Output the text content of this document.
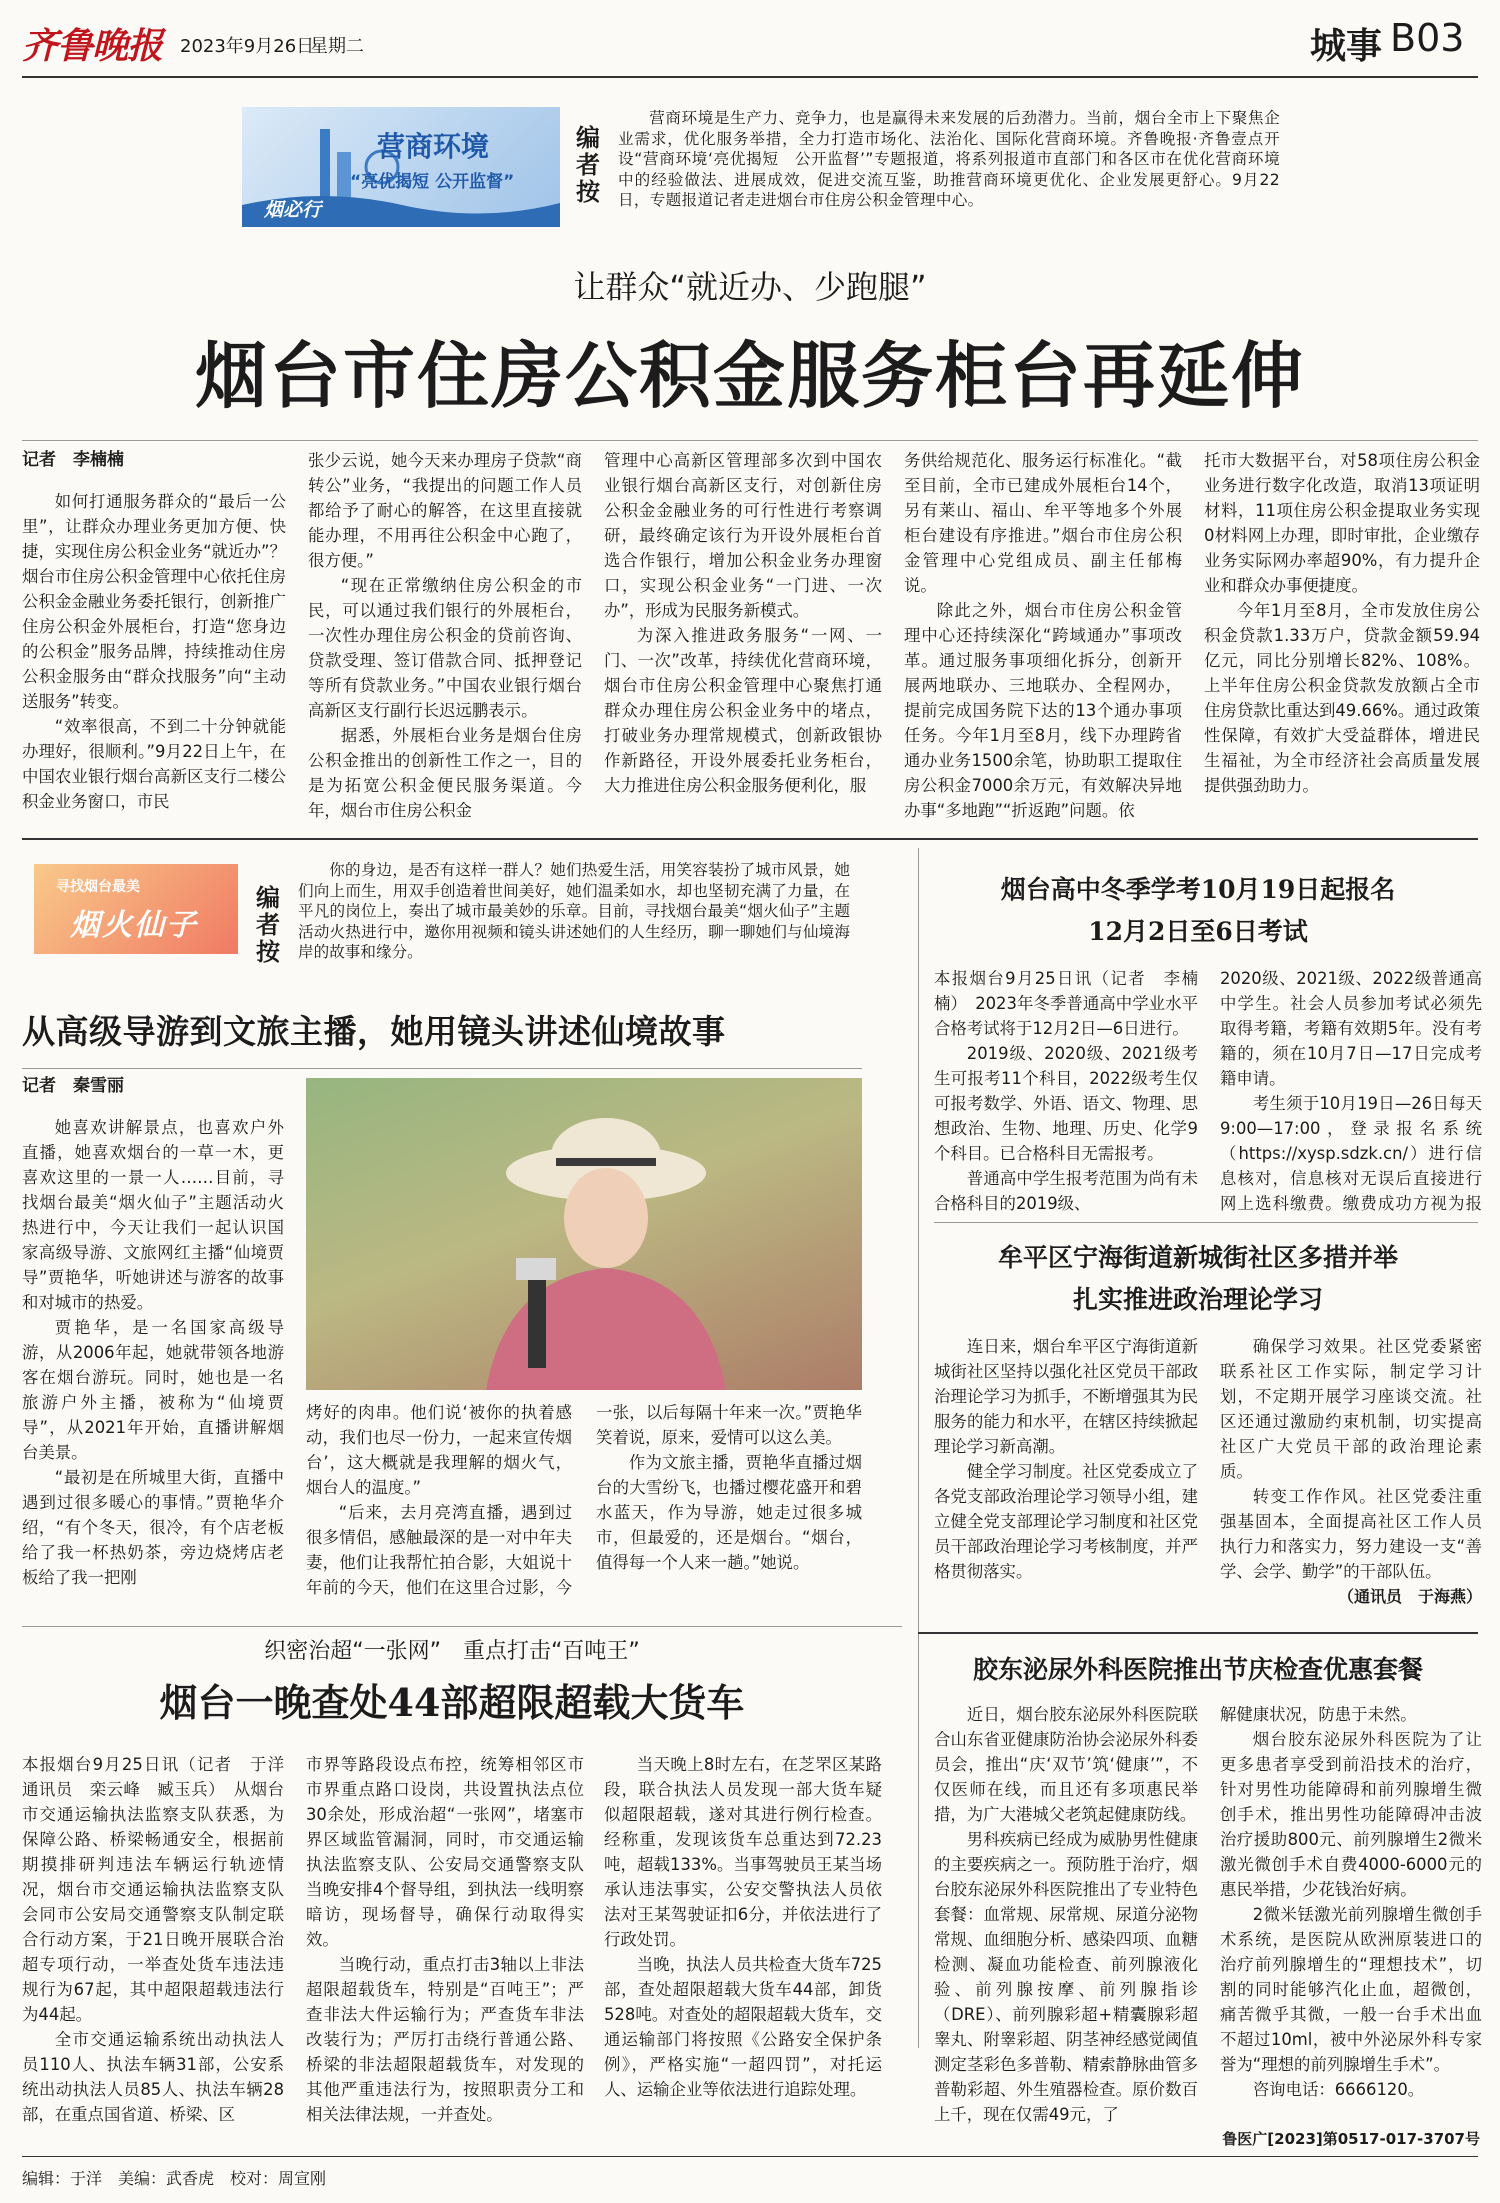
齐鲁晚报 2023年9月26日
星期二	城事 B03
营商环境
“亮优揭短 公开监督”
烟必行
编
者
按

营商环境是生产力、竞争力，也是赢得未来发展的后劲潜力。当前，烟台全市上下聚焦企业需求，优化服务举措，全力打造市场化、法治化、国际化营商环境。齐鲁晚报·齐鲁壹点开设“营商环境‘亮优揭短　公开监督’”专题报道，将系列报道市直部门和各区市在优化营商环境中的经验做法、进展成效，促进交流互鉴，助推营商环境更优化、企业发展更舒心。9月22日，专题报道记者走进烟台市住房公积金管理中心。

让群众“就近办、少跑腿”
烟台市住房公积金服务柜台再延伸

记者　李楠楠

如何打通服务群众的“最后一公里”，让群众办理业务更加方便、快捷，实现住房公积金业务“就近办”？烟台市住房公积金管理中心依托住房公积金金融业务委托银行，创新推广住房公积金外展柜台，打造“您身边的公积金”服务品牌，持续推动住房公积金服务由“群众找服务”向“主动送服务”转变。

“效率很高，不到二十分钟就能办理好，很顺利。”9月22日上午，在中国农业银行烟台高新区支行二楼公积金业务窗口，市民

张少云说，她今天来办理房子贷款“商转公”业务，“我提出的问题工作人员都给予了耐心的解答，在这里直接就能办理，不用再往公积金中心跑了，很方便。”

“现在正常缴纳住房公积金的市民，可以通过我们银行的外展柜台，一次性办理住房公积金的贷前咨询、贷款受理、签订借款合同、抵押登记等所有贷款业务。”中国农业银行烟台高新区支行副行长迟远鹏表示。

据悉，外展柜台业务是烟台住房公积金推出的创新性工作之一，目的是为拓宽公积金便民服务渠道。今年，烟台市住房公积金

管理中心高新区管理部多次到中国农业银行烟台高新区支行，对创新住房公积金金融业务的可行性进行考察调研，最终确定该行为开设外展柜台首选合作银行，增加公积金业务办理窗口，实现公积金业务“一门进、一次办”，形成为民服务新模式。

为深入推进政务服务“一网、一门、一次”改革，持续优化营商环境，烟台市住房公积金管理中心聚焦打通群众办理住房公积金业务中的堵点，打破业务办理常规模式，创新政银协作新路径，开设外展委托业务柜台，大力推进住房公积金服务便利化，服

务供给规范化、服务运行标准化。“截至目前，全市已建成外展柜台14个，另有莱山、福山、牟平等地多个外展柜台建设有序推进。”烟台市住房公积金管理中心党组成员、副主任郁梅说。

除此之外，烟台市住房公积金管理中心还持续深化“跨域通办”事项改革。通过服务事项细化拆分，创新开展两地联办、三地联办、全程网办，提前完成国务院下达的13个通办事项任务。今年1月至8月，线下办理跨省通办业务1500余笔，协助职工提取住房公积金7000余万元，有效解决异地办事“多地跑”“折返跑”问题。依

托市大数据平台，对58项住房公积金业务进行数字化改造，取消13项证明材料，11项住房公积金提取业务实现0材料网上办理，即时审批，企业缴存业务实际网办率超90%，有力提升企业和群众办事便捷度。

今年1月至8月，全市发放住房公积金贷款1.33万户，贷款金额59.94亿元，同比分别增长82%、108%。上半年住房公积金贷款发放额占全市住房贷款比重达到49.66%。通过政策性保障，有效扩大受益群体，增进民生福祉，为全市经济社会高质量发展提供强劲助力。

寻找烟台最美
烟火仙子
编
者
按

你的身边，是否有这样一群人？她们热爱生活，用笑容装扮了城市风景，她们向上而生，用双手创造着世间美好，她们温柔如水，却也坚韧充满了力量，在平凡的岗位上，奏出了城市最美妙的乐章。目前，寻找烟台最美“烟火仙子”主题活动火热进行中，邀你用视频和镜头讲述她们的人生经历，聊一聊她们与仙境海岸的故事和缘分。

从高级导游到文旅主播，她用镜头讲述仙境故事

记者　秦雪丽

她喜欢讲解景点，也喜欢户外直播，她喜欢烟台的一草一木，更喜欢这里的一景一人……目前，寻找烟台最美“烟火仙子”主题活动火热进行中，今天让我们一起认识国家高级导游、文旅网红主播“仙境贾导”贾艳华，听她讲述与游客的故事和对城市的热爱。

贾艳华，是一名国家高级导游，从2006年起，她就带领各地游客在烟台游玩。同时，她也是一名旅游户外主播，被称为“仙境贾导”，从2021年开始，直播讲解烟台美景。

“最初是在所城里大街，直播中遇到过很多暖心的事情。”贾艳华介绍，“有个冬天，很冷，有个店老板给了我一杯热奶茶，旁边烧烤店老板给了我一把刚

烤好的肉串。他们说‘被你的执着感动，我们也尽一份力，一起来宣传烟台’，这大概就是我理解的烟火气，烟台人的温度。”

“后来，去月亮湾直播，遇到过很多情侣，感触最深的是一对中年夫妻，他们让我帮忙拍合影，大姐说十年前的今天，他们在这里合过影，今

一张，以后每隔十年来一次。”贾艳华笑着说，原来，爱情可以这么美。

作为文旅主播，贾艳华直播过烟台的大雪纷飞，也播过樱花盛开和碧水蓝天，作为导游，她走过很多城市，但最爱的，还是烟台。“烟台，值得每一个人来一趟。”她说。

烟台高中冬季学考10月19日起报名
12月2日至6日考试

本报烟台9月25日讯（记者　李楠楠）　2023年冬季普通高中学业水平合格考试将于12月2日—6日进行。

2019级、2020级、2021级考生可报考11个科目，2022级考生仅可报考数学、外语、语文、物理、思想政治、生物、地理、历史、化学9个科目。已合格科目无需报考。

普通高中学生报考范围为尚有未合格科目的2019级、

2020级、2021级、2022级普通高中学生。社会人员参加考试必须先取得考籍，考籍有效期5年。没有考籍的，须在10月7日—17日完成考籍申请。

考生须于10月19日—26日每天9:00—17:00，登录报名系统（https://xysp.sdzk.cn/）进行信息核对，信息核对无误后直接进行网上选科缴费。缴费成功方视为报

牟平区宁海街道新城街社区多措并举
扎实推进政治理论学习

连日来，烟台牟平区宁海街道新城街社区坚持以强化社区党员干部政治理论学习为抓手，不断增强其为民服务的能力和水平，在辖区持续掀起理论学习新高潮。

健全学习制度。社区党委成立了各党支部政治理论学习领导小组，建立健全党支部理论学习制度和社区党员干部政治理论学习考核制度，并严格贯彻落实。

确保学习效果。社区党委紧密联系社区工作实际，制定学习计划，不定期开展学习座谈交流。社区还通过激励约束机制，切实提高社区广大党员干部的政治理论素质。

转变工作作风。社区党委注重强基固本，全面提高社区工作人员执行力和落实力，努力建设一支“善学、会学、勤学”的干部队伍。

（通讯员　于海燕）

织密治超“一张网”　重点打击“百吨王”
烟台一晚查处44部超限超载大货车

本报烟台9月25日讯（记者　于洋　通讯员　栾云峰　臧玉兵）　从烟台市交通运输执法监察支队获悉，为保障公路、桥梁畅通安全，根据前期摸排研判违法车辆运行轨迹情况，烟台市交通运输执法监察支队会同市公安局交通警察支队制定联合行动方案，于21日晚开展联合治超专项行动，一举查处货车违法违规行为67起，其中超限超载违法行为44起。

全市交通运输系统出动执法人员110人、执法车辆31部，公安系统出动执法人员85人、执法车辆28部，在重点国省道、桥梁、区

市界等路段设点布控，统筹相邻区市市界重点路口设岗，共设置执法点位30余处，形成治超“一张网”，堵塞市界区域监管漏洞，同时，市交通运输执法监察支队、公安局交通警察支队当晚安排4个督导组，到执法一线明察暗访，现场督导，确保行动取得实效。

当晚行动，重点打击3轴以上非法超限超载货车，特别是“百吨王”；严查非法大件运输行为；严查货车非法改装行为；严厉打击绕行普通公路、桥梁的非法超限超载货车，对发现的其他严重违法行为，按照职责分工和相关法律法规，一并查处。

当天晚上8时左右，在芝罘区某路段，联合执法人员发现一部大货车疑似超限超载，遂对其进行例行检查。经称重，发现该货车总重达到72.23吨，超载133%。当事驾驶员王某当场承认违法事实，公安交警执法人员依法对王某驾驶证扣6分，并依法进行了行政处罚。

当晚，执法人员共检查大货车725部，查处超限超载大货车44部，卸货528吨。对查处的超限超载大货车，交通运输部门将按照《公路安全保护条例》，严格实施“一超四罚”，对托运人、运输企业等依法进行追踪处理。

胶东泌尿外科医院推出节庆检查优惠套餐

近日，烟台胶东泌尿外科医院联合山东省亚健康防治协会泌尿外科委员会，推出“庆‘双节’筑‘健康’”，不仅医师在线，而且还有多项惠民举措，为广大港城父老筑起健康防线。

男科疾病已经成为威胁男性健康的主要疾病之一。预防胜于治疗，烟台胶东泌尿外科医院推出了专业特色套餐：血常规、尿常规、尿道分泌物常规、血细胞分析、感染四项、血糖检测、凝血功能检查、前列腺液化验、前列腺按摩、前列腺指诊（DRE）、前列腺彩超+精囊腺彩超睾丸、附睾彩超、阴茎神经感觉阈值测定茎彩色多普勒、精索静脉曲管多普勒彩超、外生殖器检查。原价数百上千，现在仅需49元，了

解健康状况，防患于未然。

烟台胶东泌尿外科医院为了让更多患者享受到前沿技术的治疗，针对男性功能障碍和前列腺增生微创手术，推出男性功能障碍冲击波治疗援助800元、前列腺增生2微米激光微创手术自费4000-6000元的惠民举措，少花钱治好病。

2微米铥激光前列腺增生微创手术系统，是医院从欧洲原装进口的治疗前列腺增生的“理想技术”，切割的同时能够汽化止血，超微创，痛苦微乎其微，一般一台手术出血不超过10ml，被中外泌尿外科专家誉为“理想的前列腺增生手术”。

咨询电话：6666120。

鲁医广[2023]第0517-017-3707号
编辑：于洋　美编：武香虎　校对：周宣刚
